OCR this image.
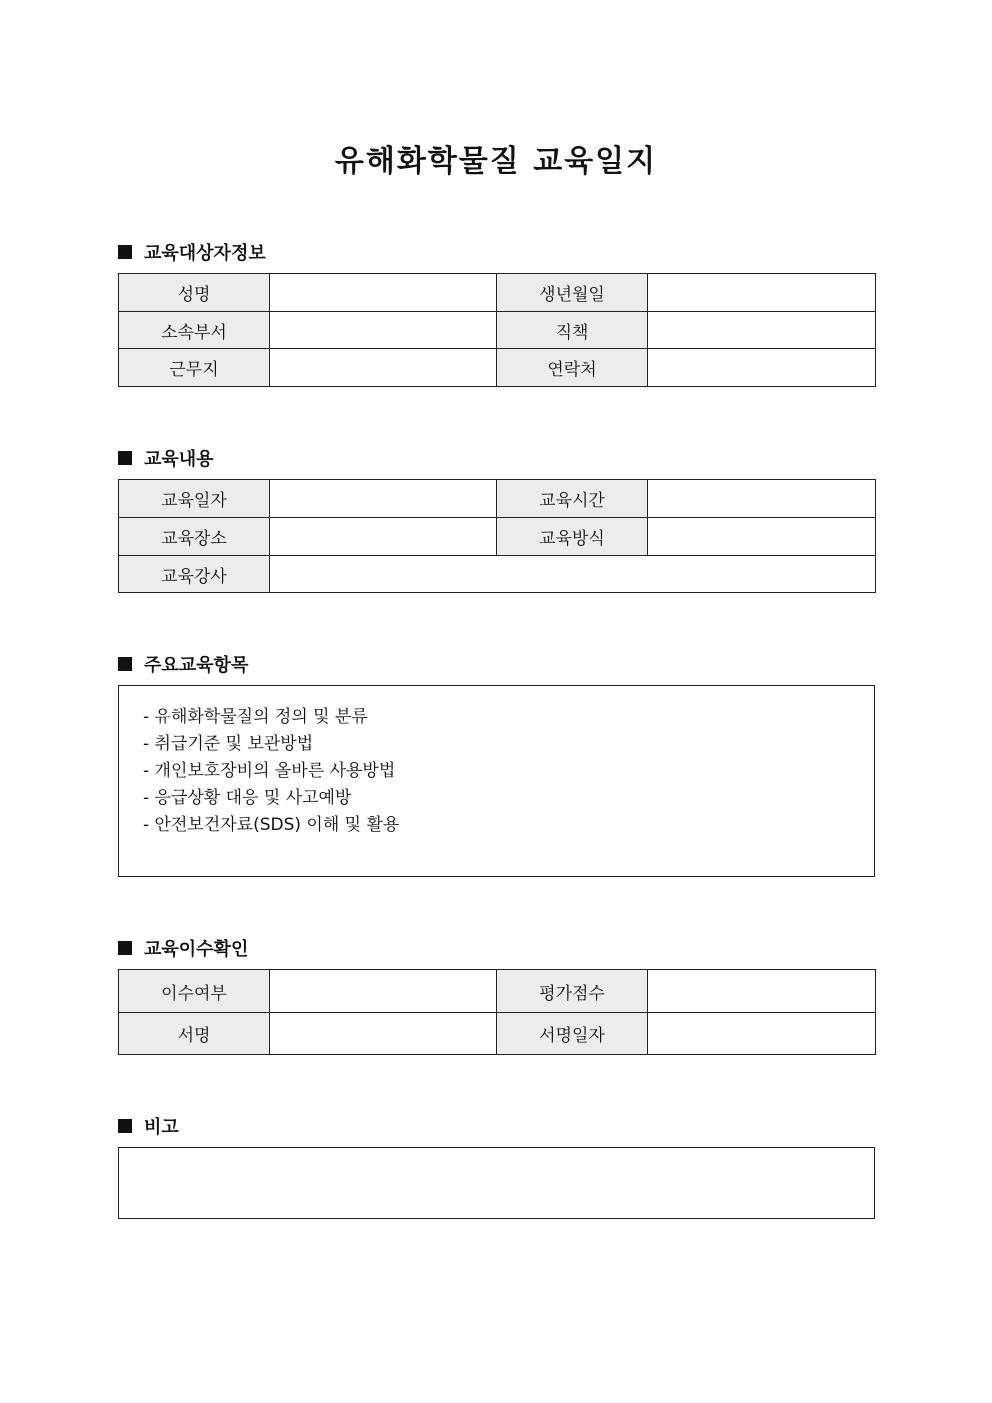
유해화학물질 교육일지
교육대상자정보
성명		생년월일	
소속부서		직책	
근무지		연락처	
교육내용
교육일자		교육시간	
교육장소		교육방식	
교육강사			
주요교육항목
- 유해화학물질의 정의 및 분류
- 취급기준 및 보관방법
- 개인보호장비의 올바른 사용방법
- 응급상황 대응 및 사고예방
- 안전보건자료(SDS) 이해 및 활용
교육이수확인
이수여부		평가점수	
서명		서명일자	
비고
